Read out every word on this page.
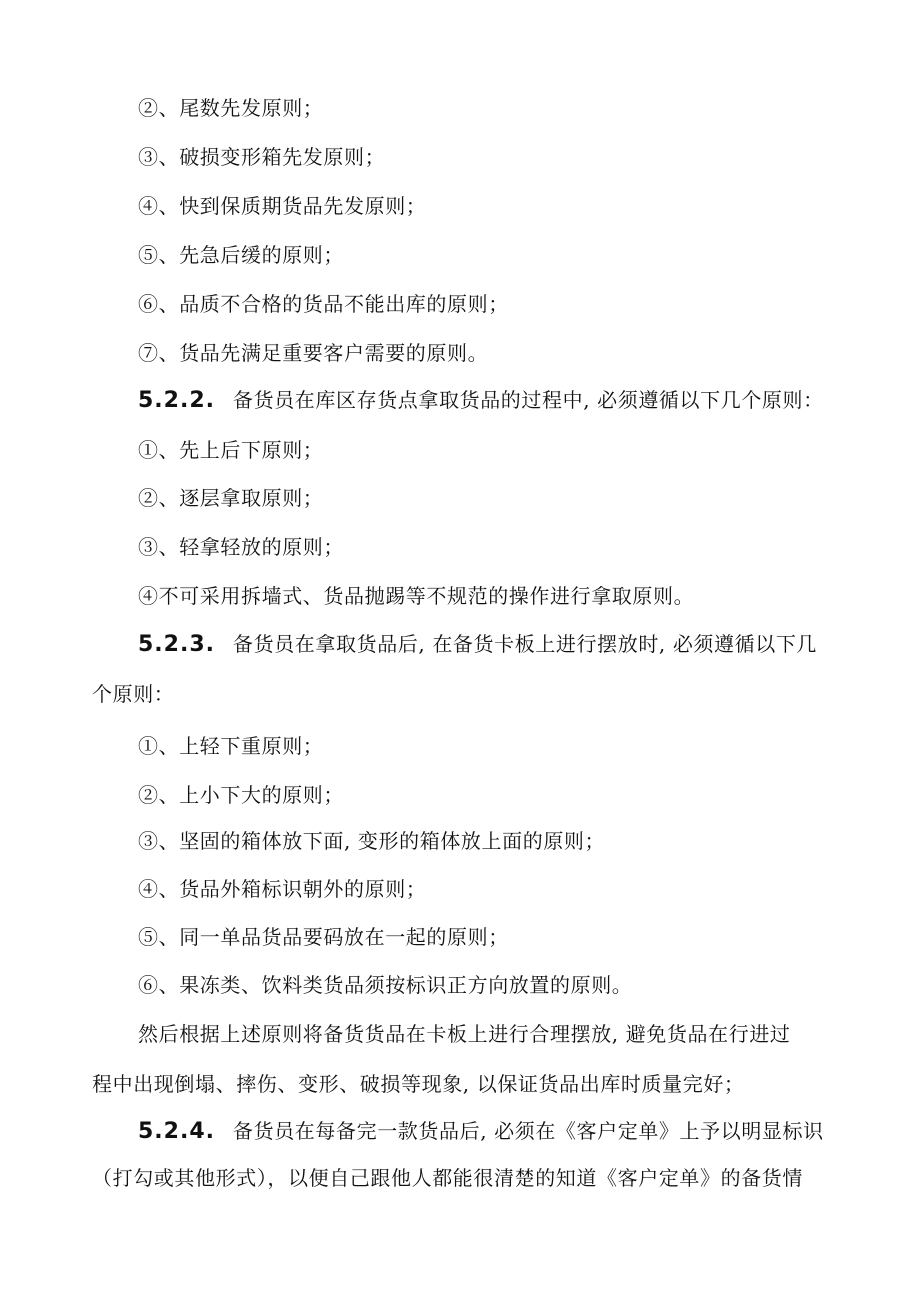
②、尾数先发原则；
③、破损变形箱先发原则；
④、快到保质期货品先发原则；
⑤、先急后缓的原则；
⑥、品质不合格的货品不能出库的原则；
⑦、货品先满足重要客户需要的原则。
5.2.2. 备货员在库区存货点拿取货品的过程中, 必须遵循以下几个原则：
①、先上后下原则；
②、逐层拿取原则；
③、轻拿轻放的原则；
④不可采用拆墙式、货品抛踢等不规范的操作进行拿取原则。
5.2.3. 备货员在拿取货品后, 在备货卡板上进行摆放时, 必须遵循以下几
个原则：
①、上轻下重原则；
②、上小下大的原则；
③、坚固的箱体放下面, 变形的箱体放上面的原则；
④、货品外箱标识朝外的原则；
⑤、同一单品货品要码放在一起的原则；
⑥、果冻类、饮料类货品须按标识正方向放置的原则。
然后根据上述原则将备货货品在卡板上进行合理摆放, 避免货品在行进过
程中出现倒塌、摔伤、变形、破损等现象, 以保证货品出库时质量完好；
5.2.4. 备货员在每备完一款货品后, 必须在《客户定单》上予以明显标识
（打勾或其他形式），以便自己跟他人都能很清楚的知道《客户定单》的备货情
